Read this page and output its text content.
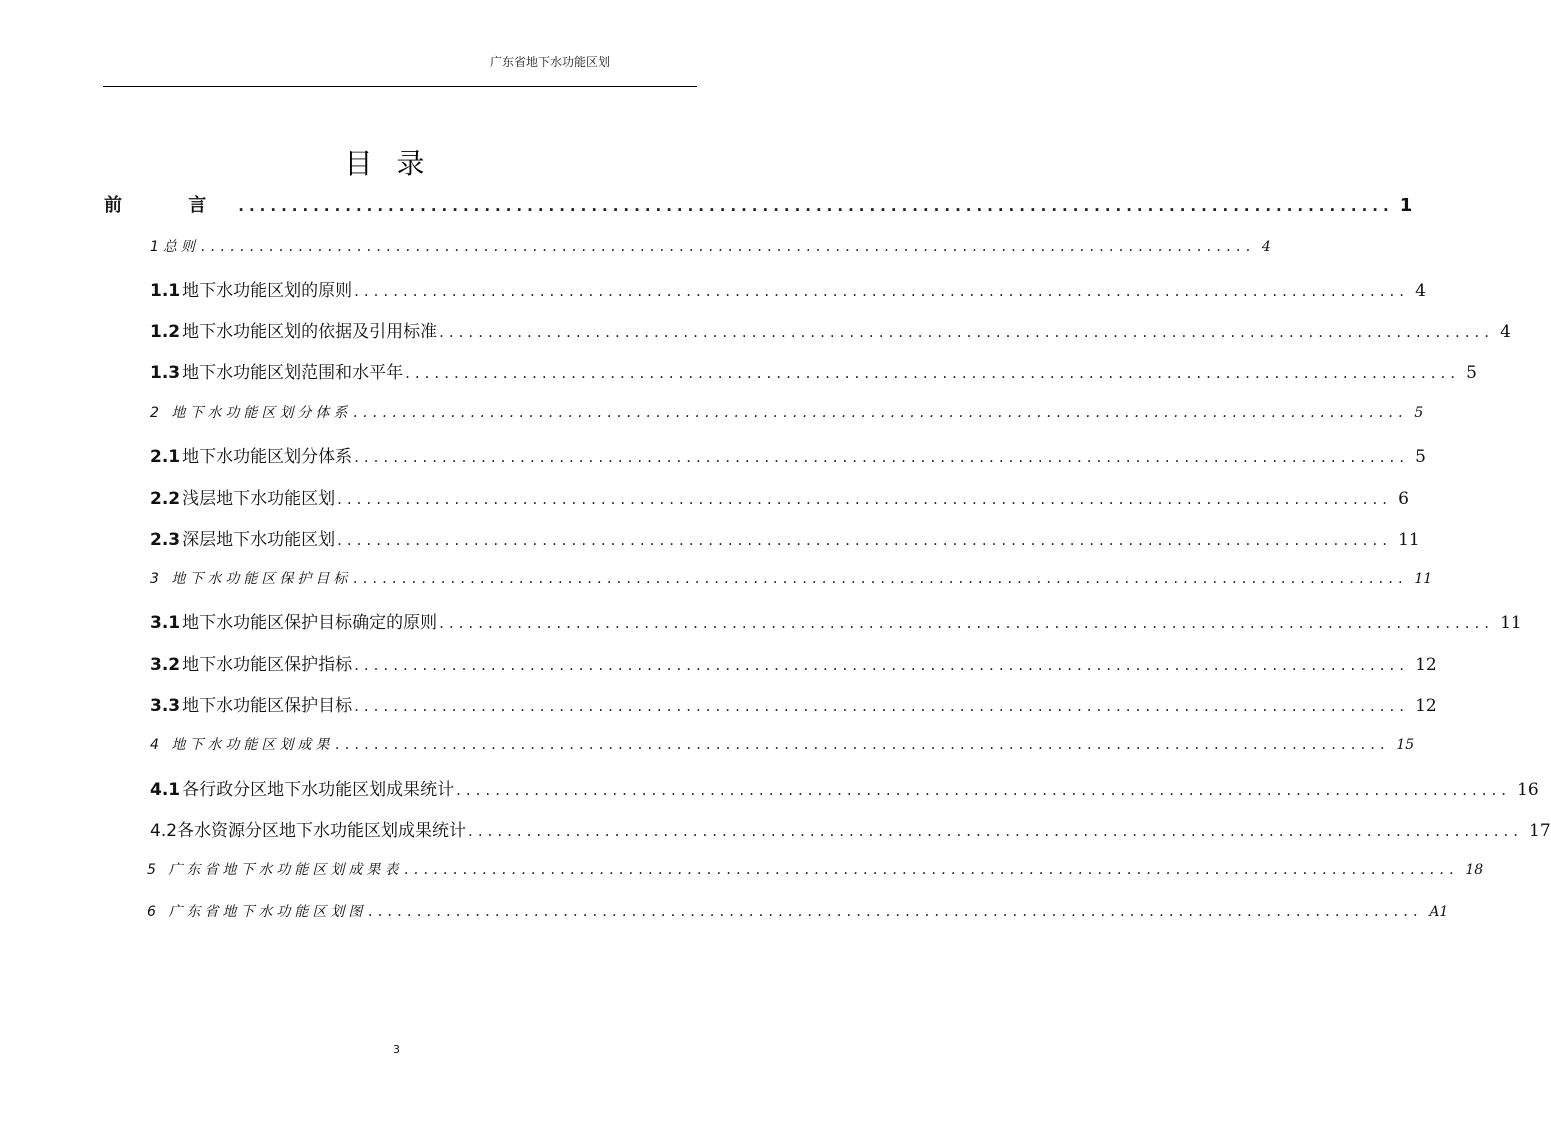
广东省地下水功能区划
目录
前 言 ............................................................................................................ 1
1总则 ............................................................................................................ 4
1.1 地下水功能区划的原则 ............................................................................................................ 4
1.2 地下水功能区划的依据及引用标准 ............................................................................................................ 4
1.3 地下水功能区划范围和水平年 ............................................................................................................ 5
2 地下水功能区划分体系 ............................................................................................................ 5
2.1 地下水功能区划分体系 ............................................................................................................ 5
2.2 浅层地下水功能区划 ............................................................................................................ 6
2.3 深层地下水功能区划 ............................................................................................................ 11
3 地下水功能区保护目标 ............................................................................................................ 11
3.1 地下水功能区保护目标确定的原则 ............................................................................................................ 11
3.2 地下水功能区保护指标 ............................................................................................................ 12
3.3 地下水功能区保护目标 ............................................................................................................ 12
4 地下水功能区划成果 ............................................................................................................ 15
4.1 各行政分区地下水功能区划成果统计 ............................................................................................................ 16
4.2各水资源分区地下水功能区划成果统计 ............................................................................................................ 17
5 广东省地下水功能区划成果表 ............................................................................................................ 18
6 广东省地下水功能区划图 ............................................................................................................ A1
3
